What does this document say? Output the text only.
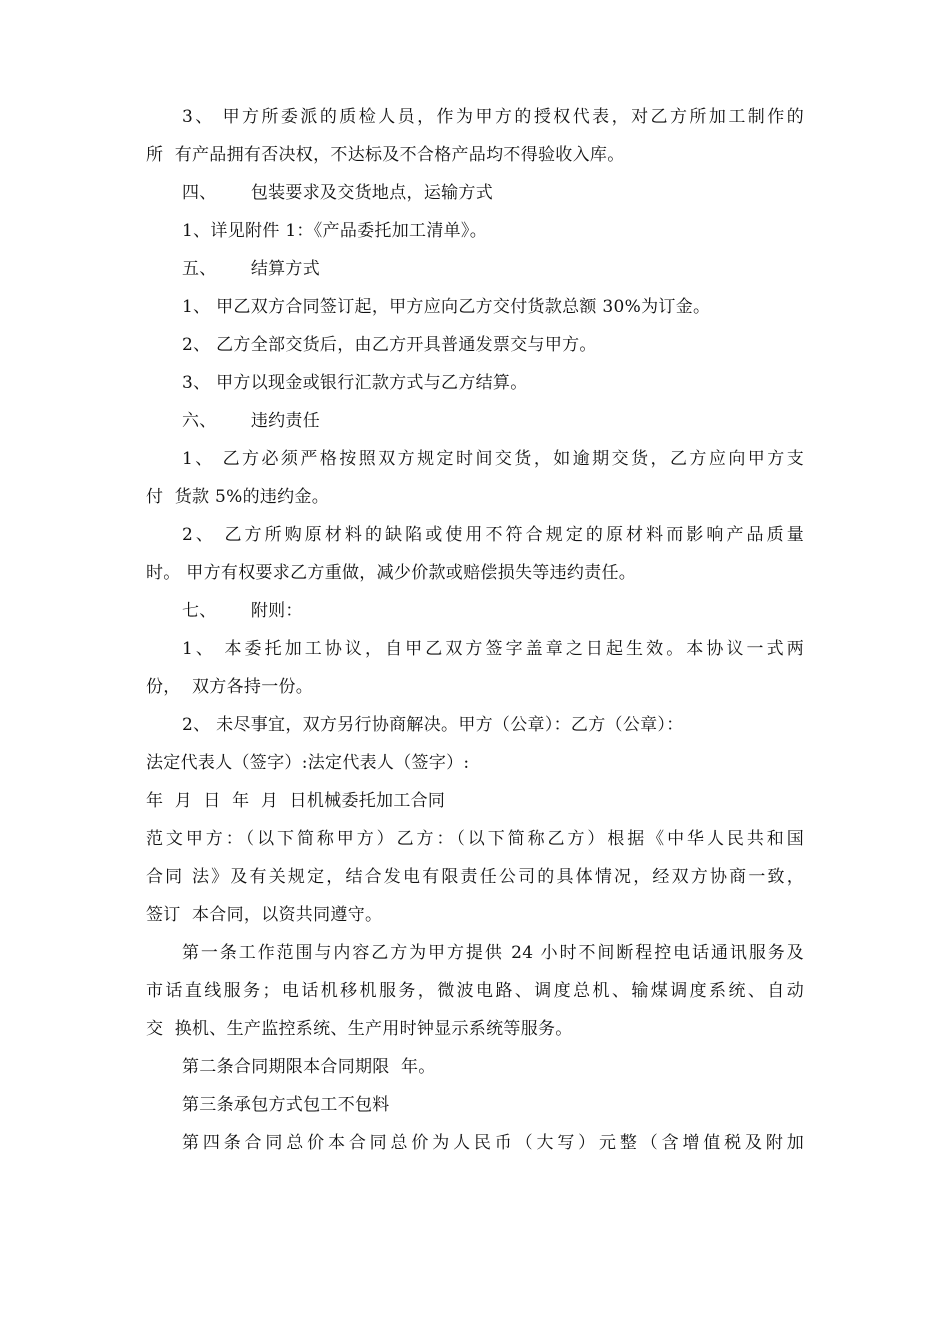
3、 甲方所委派的质检人员，作为甲方的授权代表，对乙方所加工制作的
所  有产品拥有否决权，不达标及不合格产品均不得验收入库。
四、      包装要求及交货地点，运输方式
1、详见附件 1：《产品委托加工清单》。
五、      结算方式
1、 甲乙双方合同签订起，甲方应向乙方交付货款总额 30%为订金。
2、 乙方全部交货后，由乙方开具普通发票交与甲方。
3、 甲方以现金或银行汇款方式与乙方结算。
六、      违约责任
1、 乙方必须严格按照双方规定时间交货，如逾期交货，乙方应向甲方支
付  货款 5%的违约金。
2、 乙方所购原材料的缺陷或使用不符合规定的原材料而影响产品质量
时。 甲方有权要求乙方重做，减少价款或赔偿损失等违约责任。
七、      附则：
1、 本委托加工协议，自甲乙双方签字盖章之日起生效。本协议一式两
份，  双方各持一份。
2、 未尽事宜，双方另行协商解决。甲方（公章）：乙方（公章）：
法定代表人（签字）:法定代表人（签字）:
年  月  日  年  月  日机械委托加工合同
范文甲方：（以下简称甲方）乙方：（以下简称乙方）根据《中华人民共和国
合同 法》及有关规定，结合发电有限责任公司的具体情况，经双方协商一致，
签订  本合同，以资共同遵守。
第一条工作范围与内容乙方为甲方提供 24 小时不间断程控电话通讯服务及
市话直线服务；电话机移机服务，微波电路、调度总机、输煤调度系统、自动
交  换机、生产监控系统、生产用时钟显示系统等服务。
第二条合同期限本合同期限  年。
第三条承包方式包工不包料
第四条合同总价本合同总价为人民币（大写）元整（含增值税及附加
